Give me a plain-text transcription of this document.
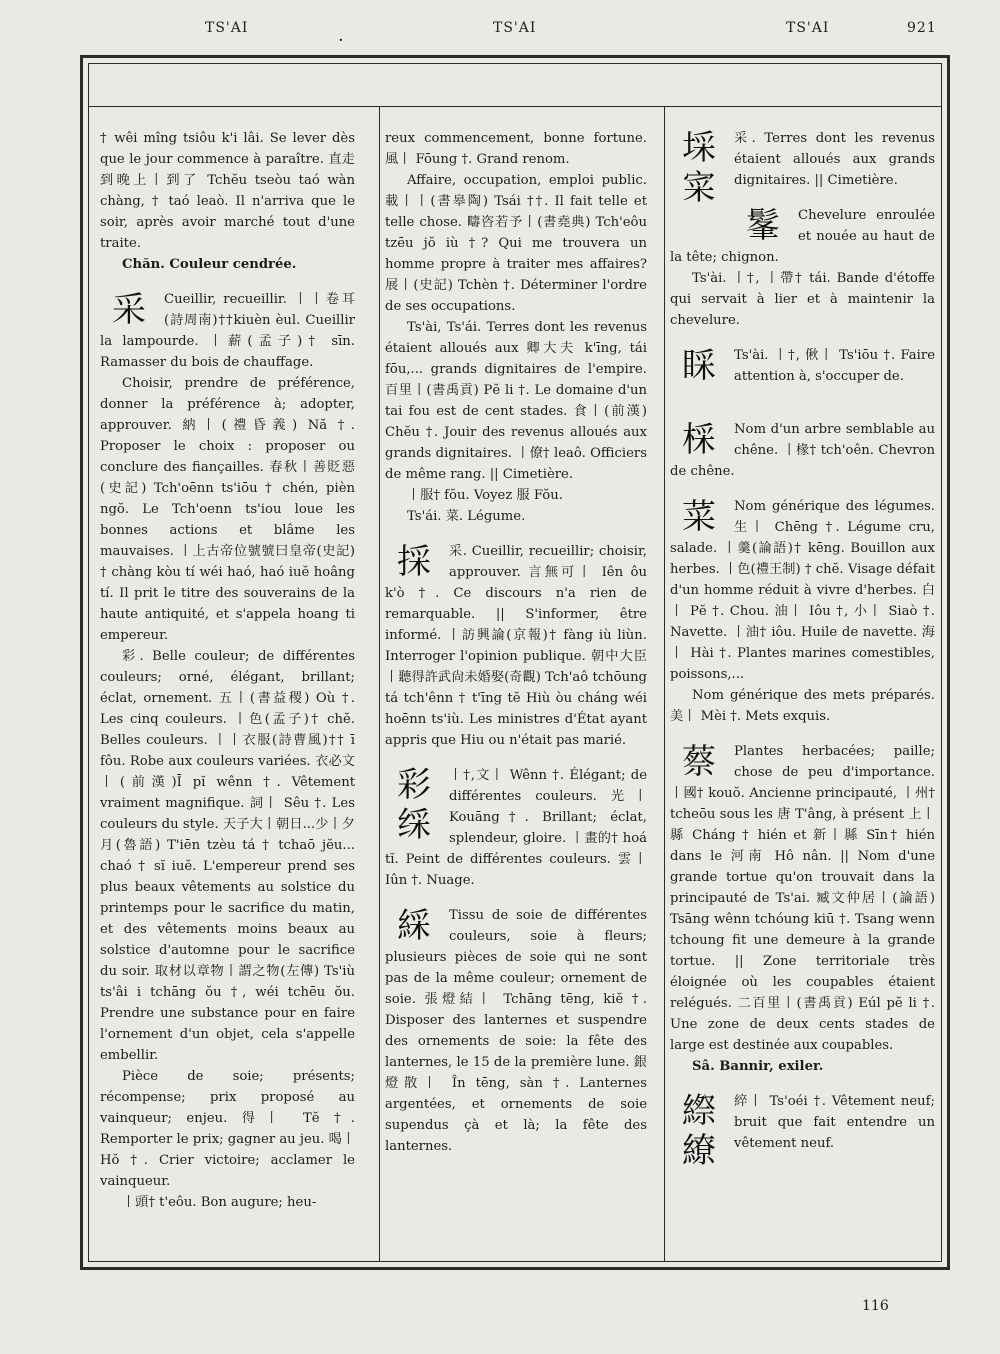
·
TS'AI	TS'AI	TS'AI	921

† wêi mîng tsiôu k'i lâi. Se lever dès que le jour commence à paraître. 直走到晚上丨到了 Tchĕu tseòu taó wàn chàng, † taó leaò. Il n'arriva que le soir, après avoir marché tout d'une traite.

Chăn. Couleur cendrée.

采	Cueillir, recueillir. 丨丨卷耳(詩周南)††kiuèn èul. Cueillir la lampourde. 丨薪(孟子)† sīn. Ramasser du bois de chauffage.

Choisir, prendre de préférence, donner la préférence à; adopter, approuver. 納丨(禮昏義) Nă †. Proposer le choix : proposer ou conclure des fiançailles. 春秋丨善貶惡(史記) Tch'oēnn ts'iōu † chén, pièn ngŏ. Le Tch'oenn ts'iou loue les bonnes actions et blâme les mauvaises. 丨上古帝位號號曰皇帝(史記) † chàng kòu tí wéi haó, haó iuĕ hoâng tí. Il prit le titre des souverains de la haute antiquité, et s'appela hoang ti empereur.

彩. Belle couleur; de différentes couleurs; orné, élégant, brillant; éclat, ornement. 五丨(書益稷) Où †. Les cinq couleurs. 丨色(孟子)† chĕ. Belles couleurs. 丨丨衣服(詩曹風)†† ī fôu. Robe aux couleurs variées. 衣必文丨(前漢)Ī pĭ wênn †. Vêtement vraiment magnifique. 詞丨 Sêu †. Les couleurs du style. 天子大丨朝日...少丨夕月(魯語) T'iēn tzèu tá † tchaō jĕu... chaó † sĭ iuĕ. L'empereur prend ses plus beaux vêtements au solstice du printemps pour le sacrifice du matin, et des vêtements moins beaux au solstice d'automne pour le sacrifice du soir. 取材以章物丨謂之物(左傳) Ts'iù ts'âi i tchāng ŏu †, wéi tchēu ŏu. Prendre une substance pour en faire l'ornement d'un objet, cela s'appelle embellir.

Pièce de soie; présents; récompense; prix proposé au vainqueur; enjeu. 得丨 Tĕ †. Remporter le prix; gagner au jeu. 喝丨 Hŏ †. Crier victoire; acclamer le vainqueur.

丨頭† t'eôu. Bon augure; heu-

reux commencement, bonne fortune. 風丨 Fōung †. Grand renom.

Affaire, occupation, emploi public. 載丨丨(書皋陶) Tsái ††. Il fait telle et telle chose. 疇咨若予丨(書堯典) Tch'eôu tzēu jŏ iù †? Qui me trouvera un homme propre à traiter mes affaires? 展丨(史記) Tchèn †. Déterminer l'ordre de ses occupations.

Ts'ài, Ts'ái. Terres dont les revenus étaient alloués aux 卿大夫 k'īng, tái fōu,... grands dignitaires de l'empire. 百里丨(書禹貢) Pĕ li †. Le domaine d'un tai fou est de cent stades. 食丨(前漢) Chĕu †. Jouir des revenus alloués aux grands dignitaires. 丨僚† leaô. Officiers de même rang. || Cimetière.

丨服† fŏu. Voyez 服 Fŏu.

Ts'ái. 菜. Légume.

採	采. Cueillir, recueillir; choisir, approuver. 言無可丨 Iên ôu k'ò †. Ce discours n'a rien de remarquable. || S'informer, être informé. 丨訪興論(京報)† fàng iù liùn. Interroger l'opinion publique. 朝中大臣丨聽得許武尙未婚娶(奇觀) Tch'aô tchōung tá tch'ênn † t'īng tĕ Hiù òu cháng wéi hoēnn ts'iù. Les ministres d'État ayant appris que Hiu ou n'était pas marié.

彩
䌽

丨†,文丨 Wênn †. Élégant; de différentes couleurs. 光丨 Kouāng†. Brillant; éclat, splendeur, gloire. 丨畫的† hoá tĭ. Peint de différentes couleurs. 雲丨 Iûn †. Nuage.

綵	Tissu de soie de différentes couleurs, soie à fleurs; plusieurs pièces de soie qui ne sont pas de la même couleur; ornement de soie. 張燈結丨 Tchāng tēng, kiĕ †. Disposer des lanternes et suspendre des ornements de soie: la fête des lanternes, le 15 de la première lune. 銀燈散丨 În tēng, sàn †. Lanternes argentées, et ornements de soie supendus çà et là; la fête des lanternes.

埰
寀

采. Terres dont les revenus étaient alloués aux grands dignitaires. || Cimetière.

髼	Chevelure enroulée et nouée au haut de la tête; chignon.

Ts'ài. 丨†, 丨帶† tái. Bande d'étoffe qui servait à lier et à maintenir la chevelure.

睬	Ts'ài. 丨†, 偢丨 Ts'iōu †. Faire attention à, s'occuper de.

棌	Nom d'un arbre semblable au chêne. 丨椽† tch'oên. Chevron de chêne.

菜	Nom générique des légumes. 生丨 Chēng †. Légume cru, salade. 丨羹(論語)† kēng. Bouillon aux herbes. 丨色(禮王制) † chĕ. Visage défait d'un homme réduit à vivre d'herbes. 白丨 Pĕ †. Chou. 油丨 Iôu †, 小丨 Siaò †. Navette. 丨油† iôu. Huile de navette. 海丨 Hài †. Plantes marines comestibles, poissons,...

Nom générique des mets préparés. 美丨 Mèi †. Mets exquis.

蔡	Plantes herbacées; paille; chose de peu d'importance. 丨國† kouŏ. Ancienne principauté, 丨州† tcheōu sous les 唐 T'âng, à présent 上丨縣 Cháng † hién et 新丨縣 Sīn† hién dans le 河南 Hô nân. || Nom d'une grande tortue qu'on trouvait dans la principauté de Ts'ai. 臧文仲居丨(論語) Tsāng wênn tchóung kiū †. Tsang wenn tchoung fit une demeure à la grande tortue. || Zone territoriale très éloignée où les coupables étaient relégués. 二百里丨(書禹貢) Eúl pĕ li †. Une zone de deux cents stades de large est destinée aux coupables.

Sâ. Bannir, exiler.

縩
繚

綷丨 Ts'oéi †. Vêtement neuf; bruit que fait entendre un vêtement neuf.

116
